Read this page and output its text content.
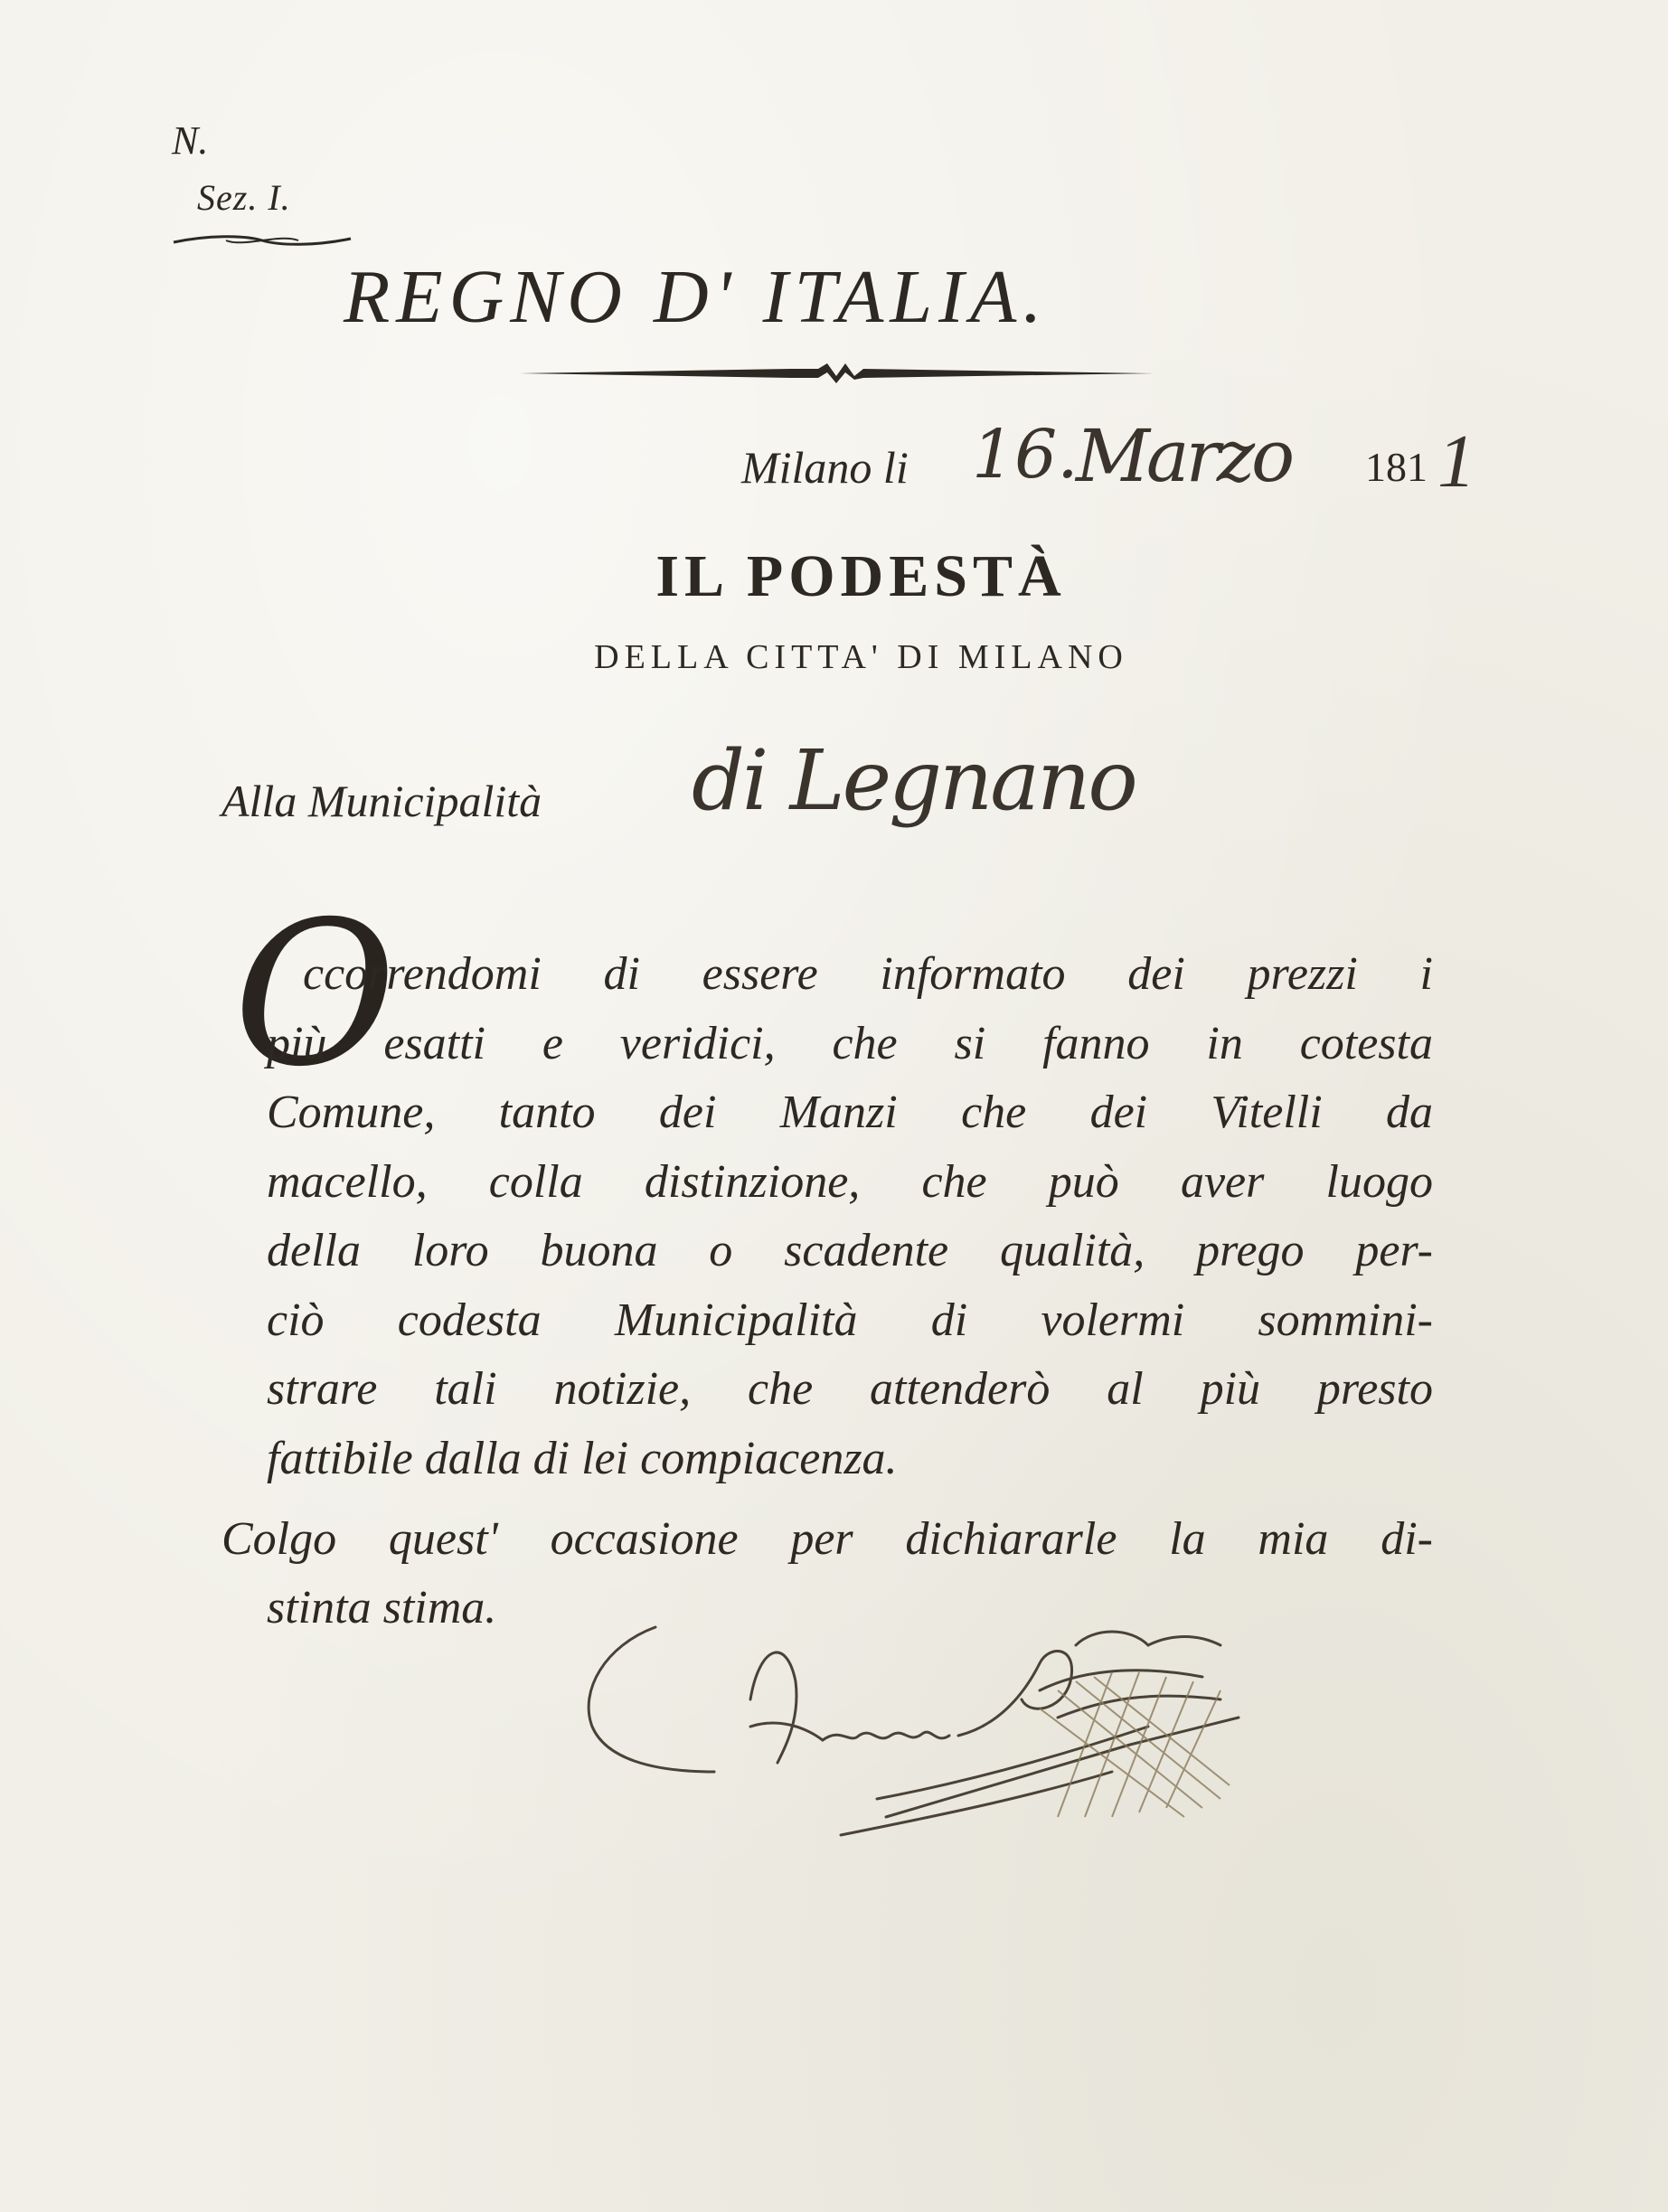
N.
Sez. I.
REGNO D' ITALIA.
Milano li 16.
Marzo 181 1
IL PODESTÀ
DELLA CITTA' DI MILANO
Alla Municipalità di Legnano
O
ccorrendomi di essere informato dei prezzi i
più esatti e veridici, che si fanno in cotesta
Comune, tanto dei Manzi che dei Vitelli da
macello, colla distinzione, che può aver luogo
della loro buona o scadente qualità, prego per-
ciò codesta Municipalità di volermi sommini-
strare tali notizie, che attenderò al più presto
fattibile dalla di lei compiacenza.
Colgo quest' occasione per dichiararle la mia di-
stinta stima.
